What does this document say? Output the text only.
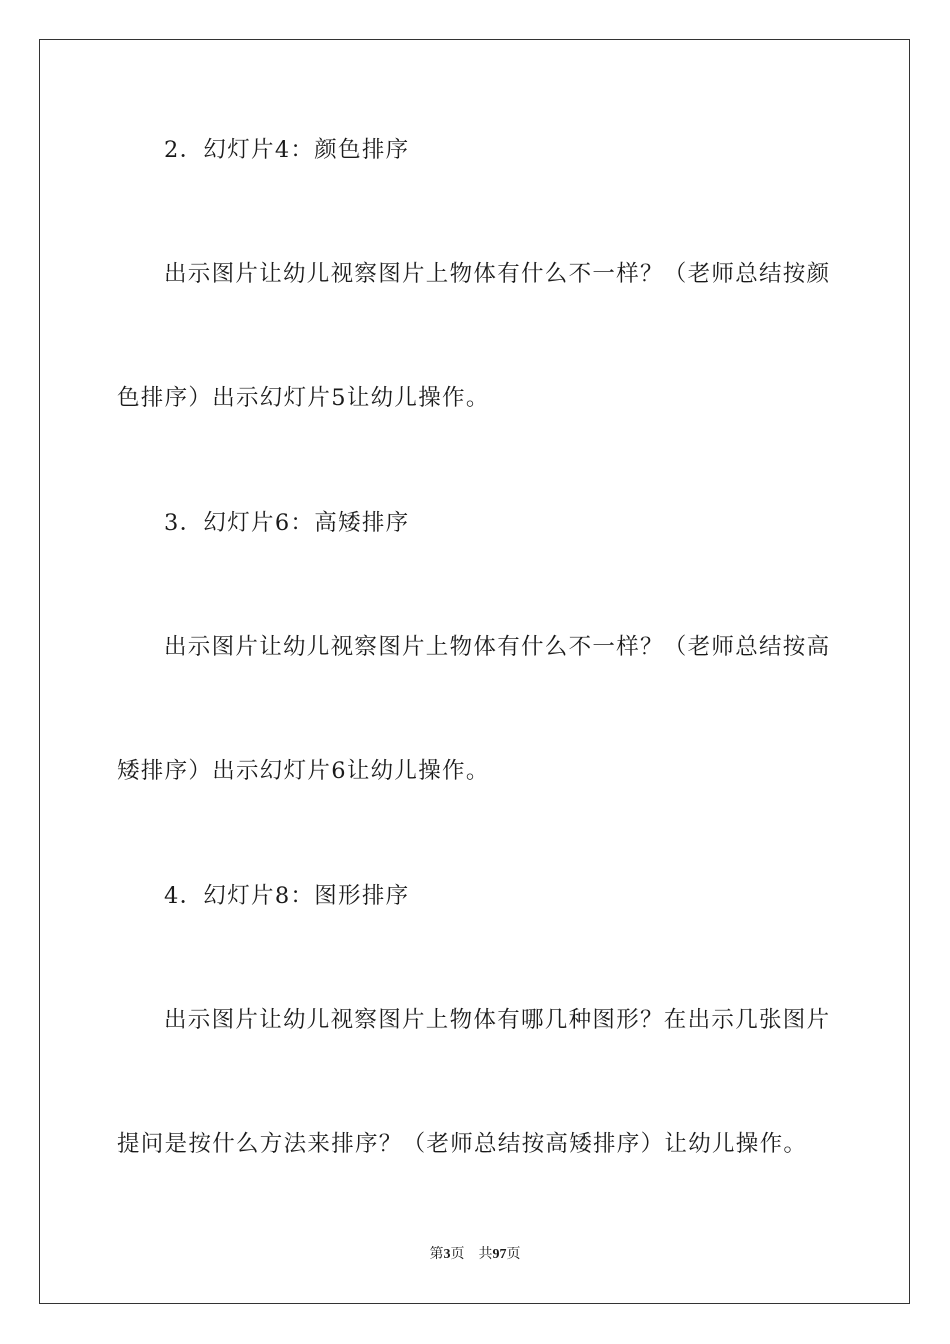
2．幻灯片4：颜色排序
出示图片让幼儿视察图片上物体有什么不一样？（老师总结按颜
色排序）出示幻灯片5让幼儿操作。
3．幻灯片6：高矮排序
出示图片让幼儿视察图片上物体有什么不一样？（老师总结按高
矮排序）出示幻灯片6让幼儿操作。
4．幻灯片8：图形排序
出示图片让幼儿视察图片上物体有哪几种图形？在出示几张图片
提问是按什么方法来排序？（老师总结按高矮排序）让幼儿操作。
第3页 共97页
